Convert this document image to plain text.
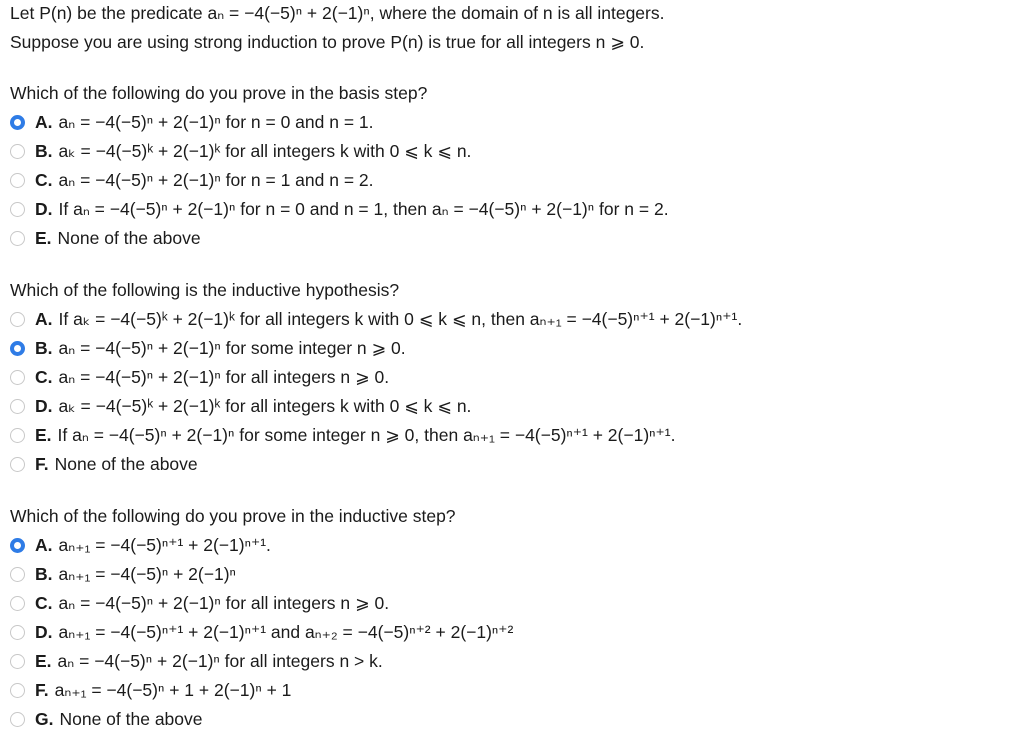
Let P(n) be the predicate aₙ = −4(−5)ⁿ + 2(−1)ⁿ, where the domain of n is all integers.
Suppose you are using strong induction to prove P(n) is true for all integers n ⩾ 0.
Which of the following do you prove in the basis step?
A. aₙ = −4(−5)ⁿ + 2(−1)ⁿ for n = 0 and n = 1.
B. aₖ = −4(−5)ᵏ + 2(−1)ᵏ for all integers k with 0 ⩽ k ⩽ n.
C. aₙ = −4(−5)ⁿ + 2(−1)ⁿ for n = 1 and n = 2.
D. If aₙ = −4(−5)ⁿ + 2(−1)ⁿ for n = 0 and n = 1, then aₙ = −4(−5)ⁿ + 2(−1)ⁿ for n = 2.
E. None of the above
Which of the following is the inductive hypothesis?
A. If aₖ = −4(−5)ᵏ + 2(−1)ᵏ for all integers k with 0 ⩽ k ⩽ n, then aₙ₊₁ = −4(−5)ⁿ⁺¹ + 2(−1)ⁿ⁺¹.
B. aₙ = −4(−5)ⁿ + 2(−1)ⁿ for some integer n ⩾ 0.
C. aₙ = −4(−5)ⁿ + 2(−1)ⁿ for all integers n ⩾ 0.
D. aₖ = −4(−5)ᵏ + 2(−1)ᵏ for all integers k with 0 ⩽ k ⩽ n.
E. If aₙ = −4(−5)ⁿ + 2(−1)ⁿ for some integer n ⩾ 0, then aₙ₊₁ = −4(−5)ⁿ⁺¹ + 2(−1)ⁿ⁺¹.
F. None of the above
Which of the following do you prove in the inductive step?
A. aₙ₊₁ = −4(−5)ⁿ⁺¹ + 2(−1)ⁿ⁺¹.
B. aₙ₊₁ = −4(−5)ⁿ + 2(−1)ⁿ
C. aₙ = −4(−5)ⁿ + 2(−1)ⁿ for all integers n ⩾ 0.
D. aₙ₊₁ = −4(−5)ⁿ⁺¹ + 2(−1)ⁿ⁺¹ and aₙ₊₂ = −4(−5)ⁿ⁺² + 2(−1)ⁿ⁺²
E. aₙ = −4(−5)ⁿ + 2(−1)ⁿ for all integers n > k.
F. aₙ₊₁ = −4(−5)ⁿ + 1 + 2(−1)ⁿ + 1
G. None of the above
